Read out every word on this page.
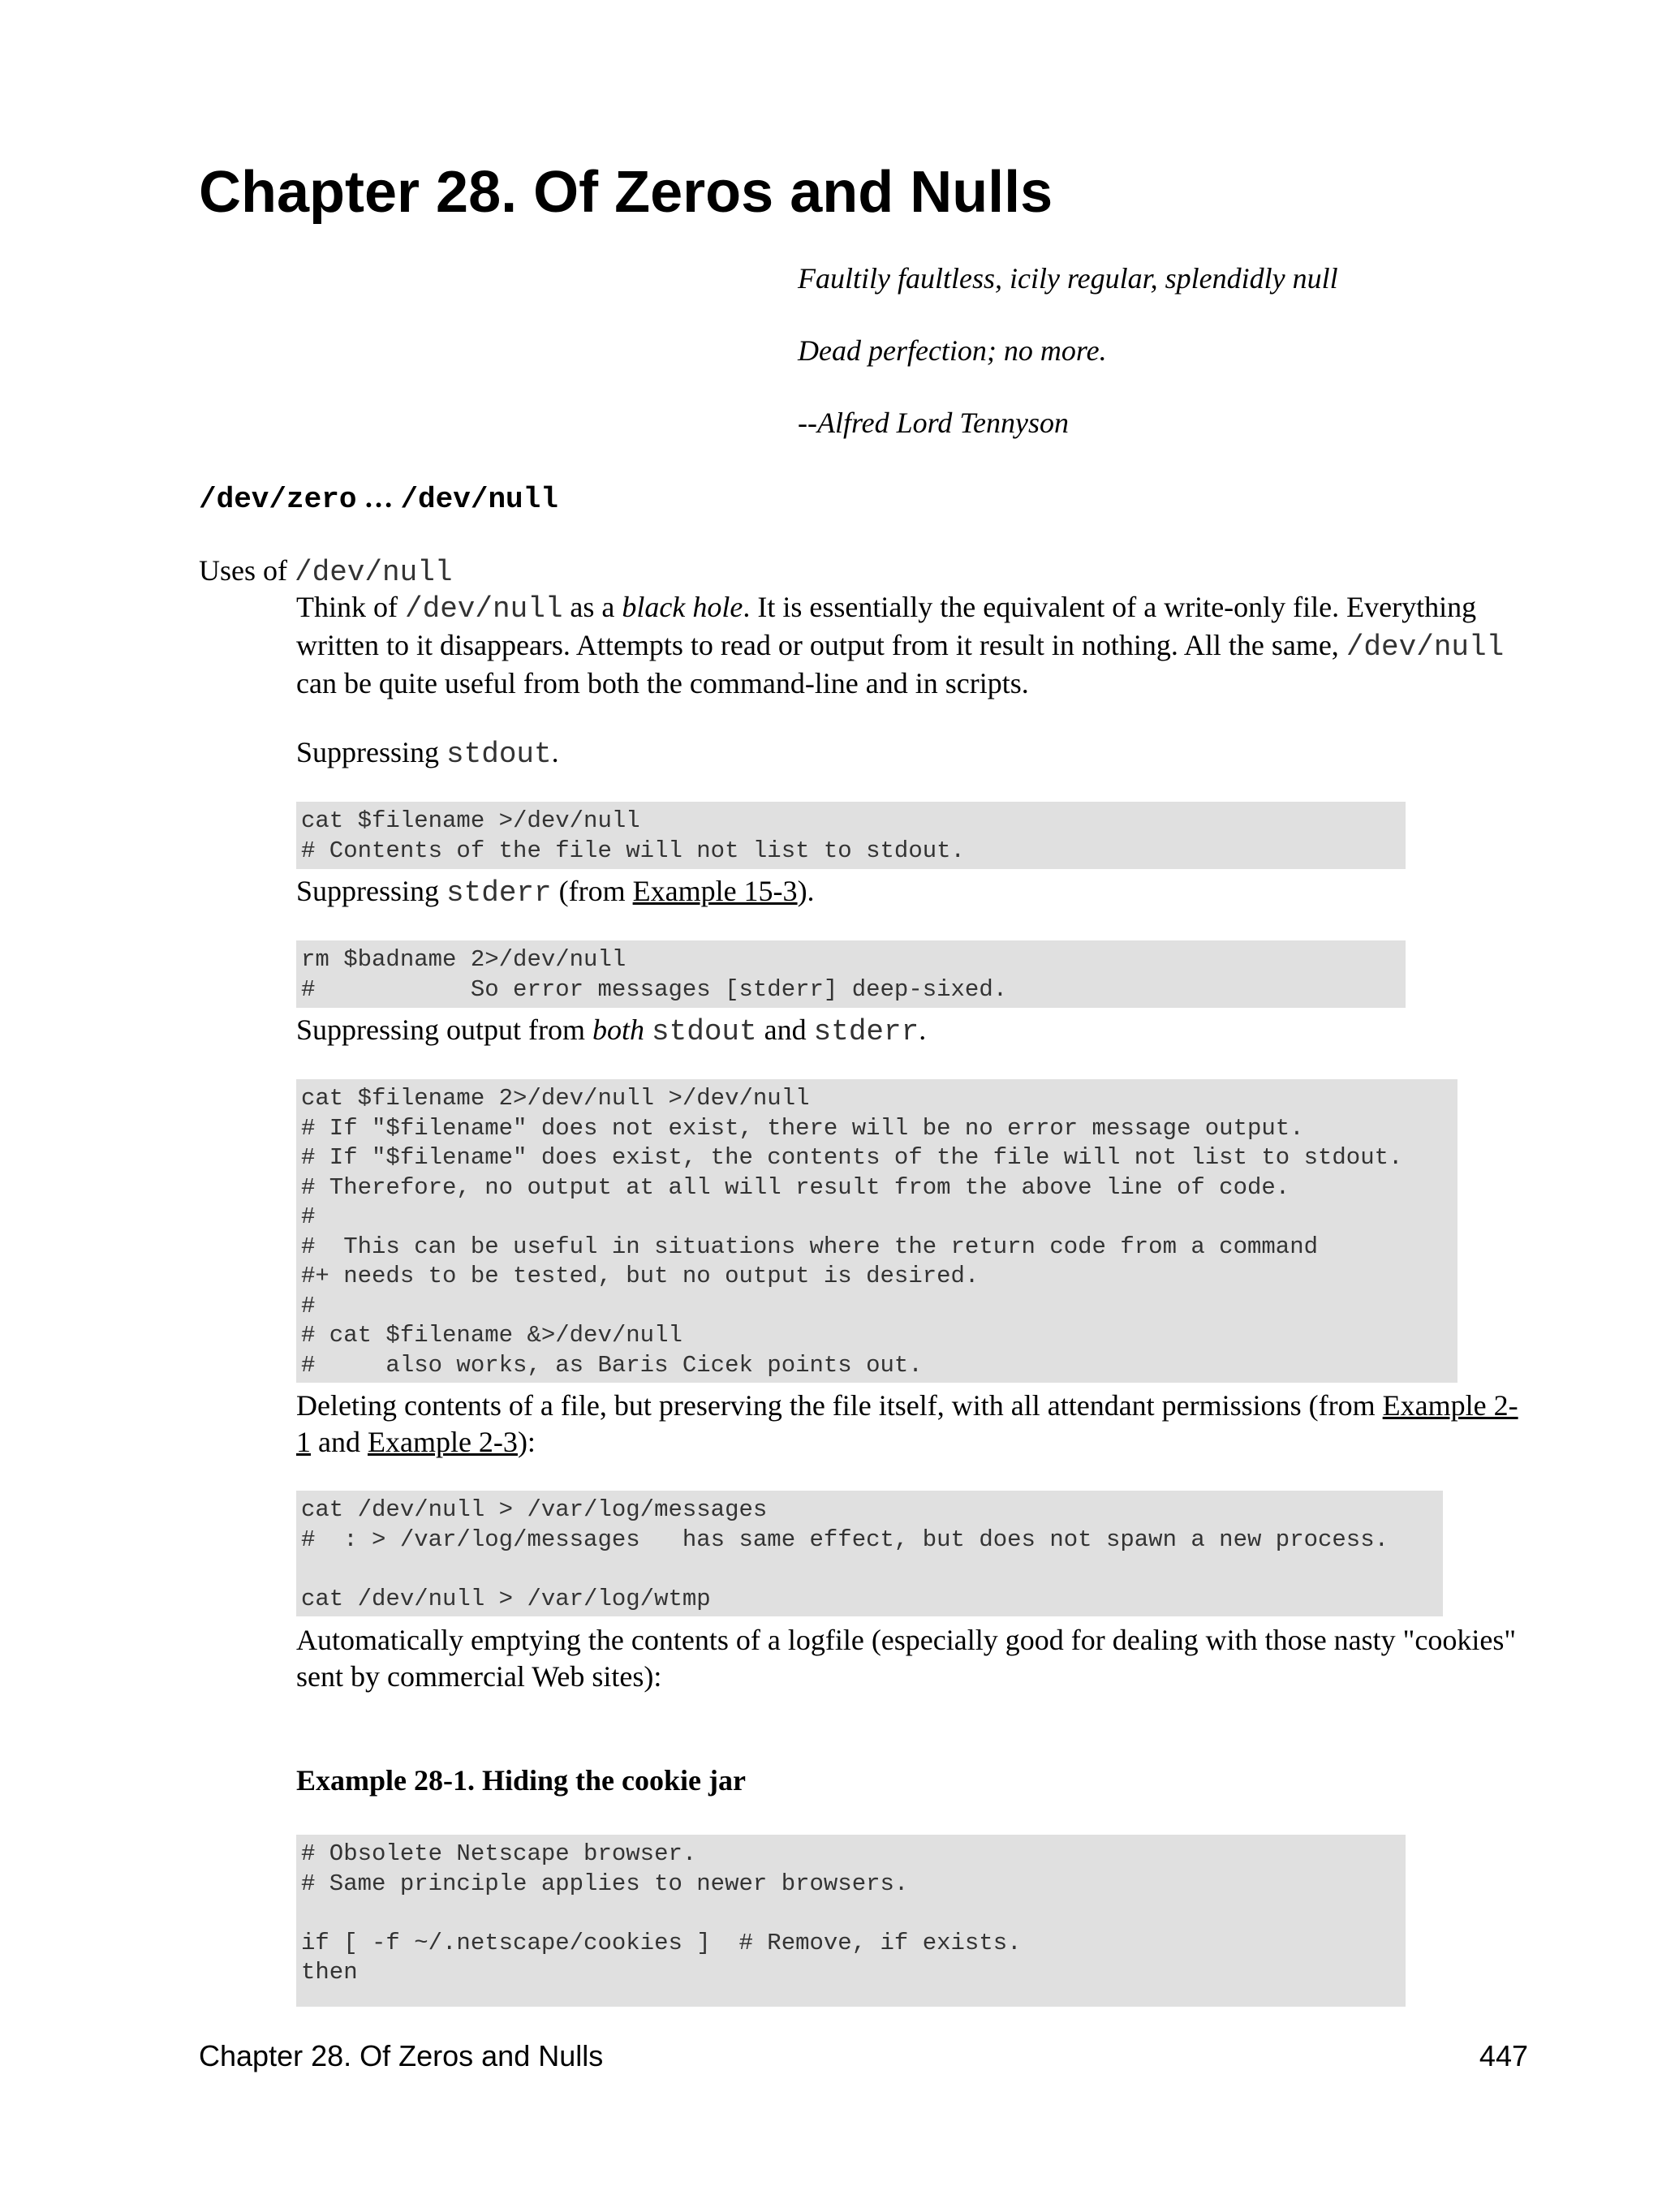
Chapter 28. Of Zeros and Nulls
Faultily faultless, icily regular, splendidly null
Dead perfection; no more.
--Alfred Lord Tennyson
/dev/zero … /dev/null
Uses of /dev/null
Think of /dev/null as a black hole. It is essentially the equivalent of a write-only file. Everything written to it disappears. Attempts to read or output from it result in nothing. All the same, /dev/null can be quite useful from both the command-line and in scripts.
Suppressing stdout.
cat $filename >/dev/null
# Contents of the file will not list to stdout.
Suppressing stderr (from Example 15-3).
rm $badname 2>/dev/null
#           So error messages [stderr] deep-sixed.
Suppressing output from both stdout and stderr.
cat $filename 2>/dev/null >/dev/null
# If "$filename" does not exist, there will be no error message output.
# If "$filename" does exist, the contents of the file will not list to stdout.
# Therefore, no output at all will result from the above line of code.
#
#  This can be useful in situations where the return code from a command
#+ needs to be tested, but no output is desired.
#
# cat $filename &>/dev/null
#     also works, as Baris Cicek points out.
Deleting contents of a file, but preserving the file itself, with all attendant permissions (from Example 2-1 and Example 2-3):
cat /dev/null > /var/log/messages
#  : > /var/log/messages   has same effect, but does not spawn a new process.

cat /dev/null > /var/log/wtmp
Automatically emptying the contents of a logfile (especially good for dealing with those nasty "cookies" sent by commercial Web sites):
Example 28-1. Hiding the cookie jar
# Obsolete Netscape browser.
# Same principle applies to newer browsers.

if [ -f ~/.netscape/cookies ]  # Remove, if exists.
then
Chapter 28. Of Zeros and Nulls	447
